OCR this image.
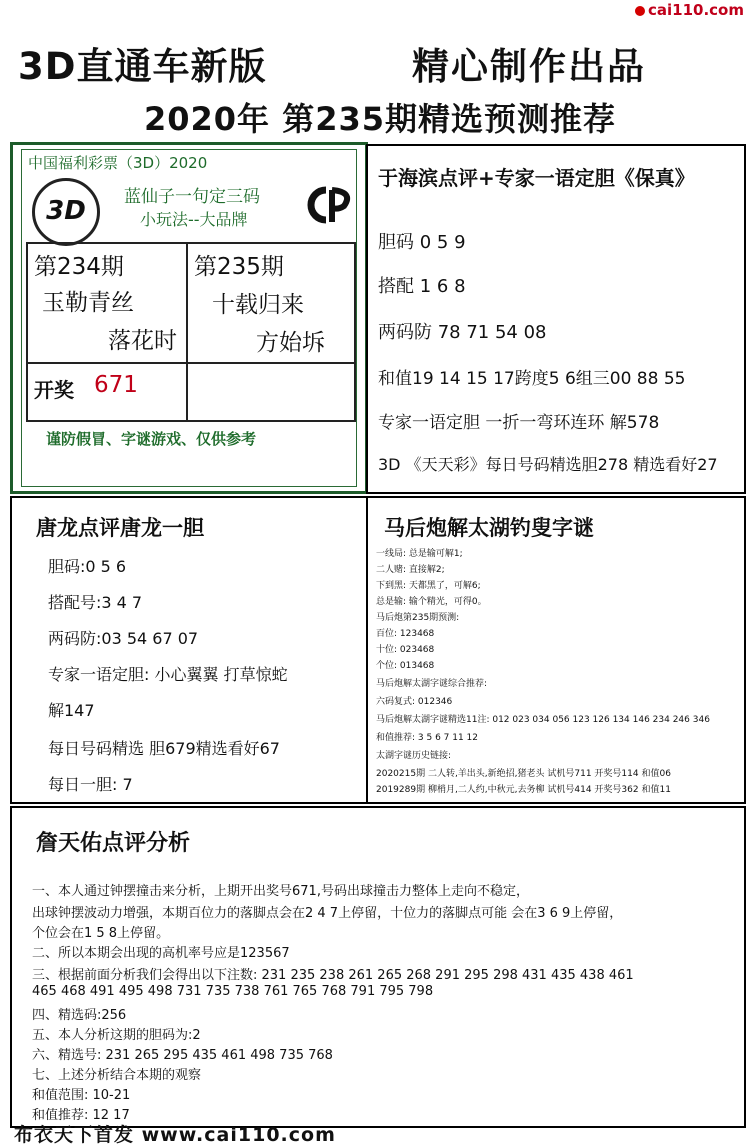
cai110.com
3D直通车新版	精心制作出品
2020年 第235期精选预测推荐
中国福利彩票（3D）2020
3D	蓝仙子一句定三码
小玩法--大品牌
第234期
玉勒青丝
落花时
第235期
十载归来
方始坼
开奖 671
谨防假冒、字谜游戏、仅供参考
于海滨点评+专家一语定胆《保真》
胆码 0 5 9
搭配 1 6 8
两码防 78 71 54 08
和值19 14 15 17跨度5 6组三00 88 55
专家一语定胆 一折一弯环连环 解578
3D 《天天彩》每日号码精选胆278 精选看好27
唐龙点评唐龙一胆
胆码:0 5 6
搭配号:3 4 7
两码防:03 54 67 07
专家一语定胆: 小心翼翼 打草惊蛇
解147
每日号码精选 胆679精选看好67
每日一胆: 7
马后炮解太湖钓叟字谜
一线局: 总是输可解1;
二人赌: 直接解2;
下到黑: 天都黑了，可解6;
总是输: 输个精光，可得0。
马后炮第235期预测:
百位: 123468
十位: 023468
个位: 013468
马后炮解太湖字谜综合推荐:
六码复式: 012346
马后炮解太湖字谜精选11注: 012 023 034 056 123 126 134 146 234 246 346
和值推荐: 3 5 6 7 11 12
太湖字谜历史链接:
2020215期 二人转,羊出头,新绝招,猪老头 试机号711 开奖号114 和值06
2019289期 柳梢月,二人约,中秋元,去务柳 试机号414 开奖号362 和值11
詹天佑点评分析
一、本人通过钟摆撞击来分析，上期开出奖号671,号码出球撞击力整体上走向不稳定，
出球钟摆波动力增强，本期百位力的落脚点会在2 4 7上停留，十位力的落脚点可能 会在3 6 9上停留，
个位会在1 5 8上停留。
二、所以本期会出现的高机率号应是123567
三、根据前面分析我们会得出以下注数: 231 235 238 261 265 268 291 295 298 431 435 438 461
465 468 491 495 498 731 735 738 761 765 768 791 795 798
四、精选码:256
五、本人分析这期的胆码为:2
六、精选号: 231 265 295 435 461 498 735 768
七、上述分析结合本期的观察
和值范围: 10-21
和值推荐: 12 17
布衣天下首发 www.cai110.com
